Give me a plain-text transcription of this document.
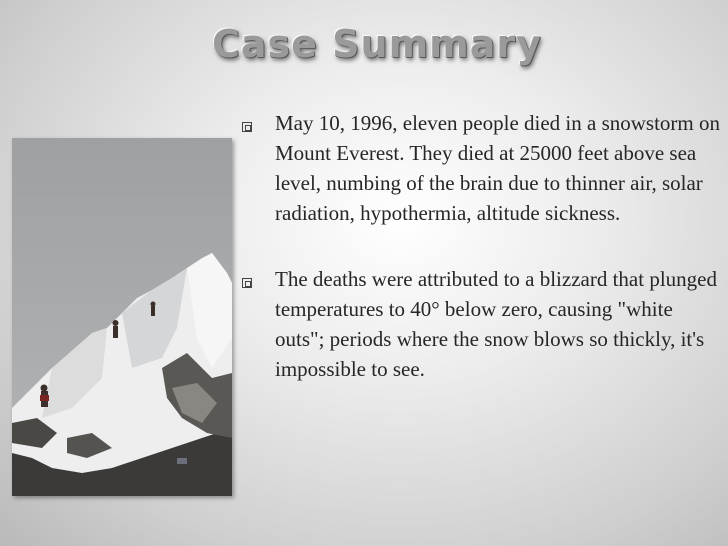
Case Summary
May 10, 1996, eleven people died in a snowstorm on Mount Everest. They died at 25000 feet above sea level, numbing of the brain due to thinner air, solar radiation, hypothermia, altitude sickness.
The deaths were attributed to a blizzard that plunged temperatures to 40° below zero, causing "white outs"; periods where the snow blows so thickly, it's impossible to see.
